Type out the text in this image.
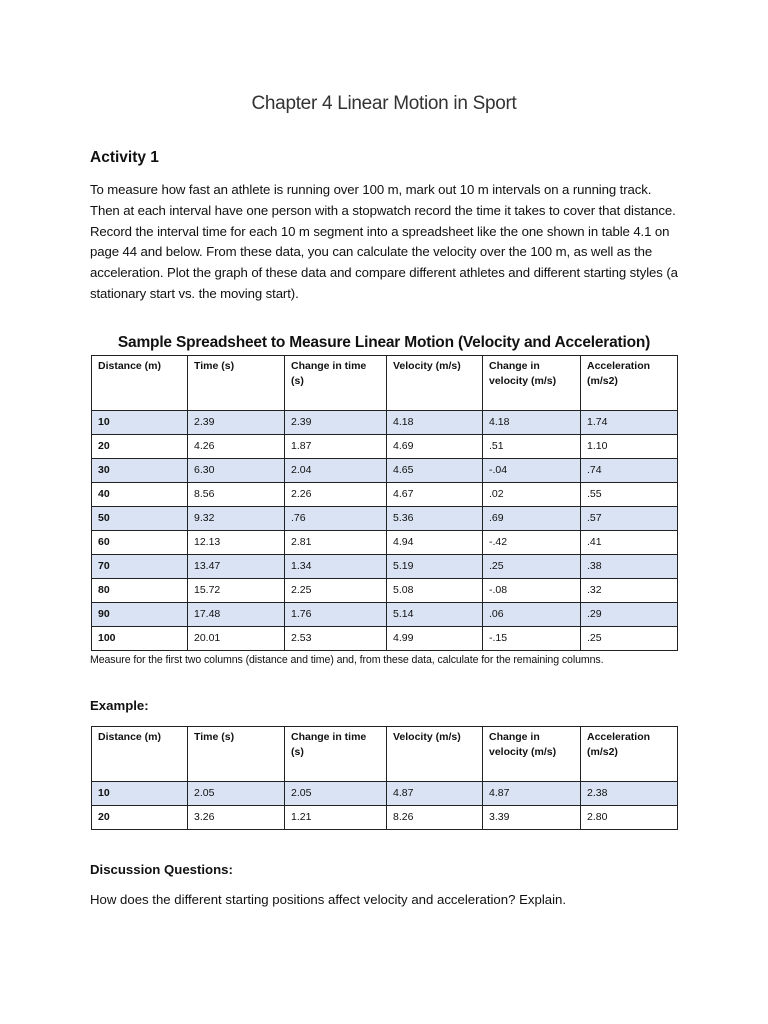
Chapter 4 Linear Motion in Sport
Activity 1
To measure how fast an athlete is running over 100 m, mark out 10 m intervals on a running track. Then at each interval have one person with a stopwatch record the time it takes to cover that distance. Record the interval time for each 10 m segment into a spreadsheet like the one shown in table 4.1 on page 44 and below. From these data, you can calculate the velocity over the 100 m, as well as the acceleration. Plot the graph of these data and compare different athletes and different starting styles (a stationary start vs. the moving start).
Sample Spreadsheet to Measure Linear Motion (Velocity and Acceleration)
Distance (m)	Time (s)	Change in time (s)	Velocity (m/s)	Change in velocity (m/s)	Acceleration (m/s2)
10	2.39	2.39	4.18	4.18	1.74
20	4.26	1.87	4.69	.51	1.10
30	6.30	2.04	4.65	-.04	.74
40	8.56	2.26	4.67	.02	.55
50	9.32	.76	5.36	.69	.57
60	12.13	2.81	4.94	-.42	.41
70	13.47	1.34	5.19	.25	.38
80	15.72	2.25	5.08	-.08	.32
90	17.48	1.76	5.14	.06	.29
100	20.01	2.53	4.99	-.15	.25
Measure for the first two columns (distance and time) and, from these data, calculate for the remaining columns.
Example:
Distance (m)	Time (s)	Change in time (s)	Velocity (m/s)	Change in velocity (m/s)	Acceleration (m/s2)
10	2.05	2.05	4.87	4.87	2.38
20	3.26	1.21	8.26	3.39	2.80
Discussion Questions:
How does the different starting positions affect velocity and acceleration? Explain.
